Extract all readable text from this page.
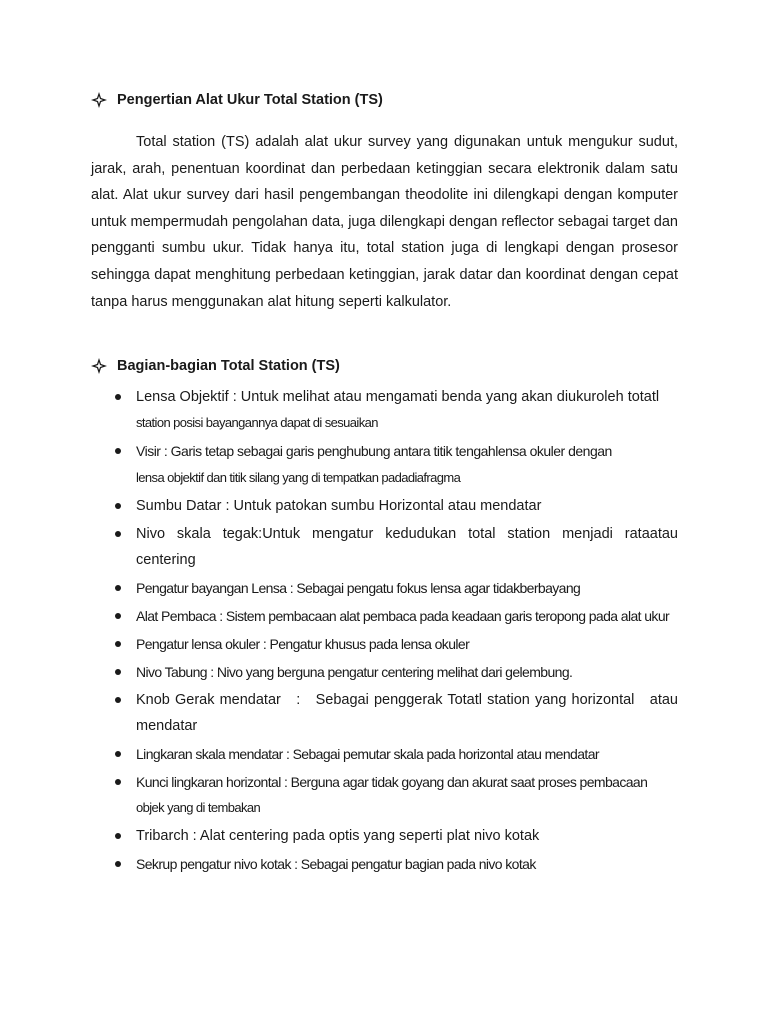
Pengertian Alat Ukur Total Station (TS)

Total station (TS) adalah alat ukur survey yang digunakan untuk mengukur sudut, jarak, arah, penentuan koordinat dan perbedaan ketinggian secara elektronik dalam satu alat. Alat ukur survey dari hasil pengembangan theodolite ini dilengkapi dengan komputer untuk mempermudah pengolahan data, juga dilengkapi dengan reflector sebagai target dan pengganti sumbu ukur. Tidak hanya itu, total station juga di lengkapi dengan prosesor sehingga dapat menghitung perbedaan ketinggian, jarak datar dan koordinat dengan cepat tanpa harus menggunakan alat hitung seperti kalkulator.

Bagian-bagian Total Station (TS)
Lensa Objektif : Untuk melihat atau mengamati benda yang akan diukuroleh totatl
station posisi bayangannya dapat di sesuaikan
Visir : Garis tetap sebagai garis penghubung antara titik tengahlensa okuler dengan
lensa objektif dan titik silang yang di tempatkan padadiafragma
Sumbu Datar : Untuk patokan sumbu Horizontal atau mendatar
Nivo skala tegak:Untuk mengatur kedudukan total station menjadi rataatau centering
Pengatur bayangan Lensa : Sebagai pengatu fokus lensa agar tidakberbayang
Alat Pembaca : Sistem pembacaan alat pembaca pada keadaan garis teropong pada alat ukur
Pengatur lensa okuler : Pengatur khusus pada lensa okuler
Nivo Tabung : Nivo yang berguna pengatur centering melihat dari gelembung.
Knob Gerak mendatar   :   Sebagai penggerak Totatl station yang horizontal   atau mendatar
Lingkaran skala mendatar : Sebagai pemutar skala pada horizontal atau mendatar
Kunci lingkaran horizontal : Berguna agar tidak goyang dan akurat saat proses pembacaan
objek yang di tembakan
Tribarch : Alat centering pada optis yang seperti plat nivo kotak
Sekrup pengatur nivo kotak : Sebagai pengatur bagian pada nivo kotak
